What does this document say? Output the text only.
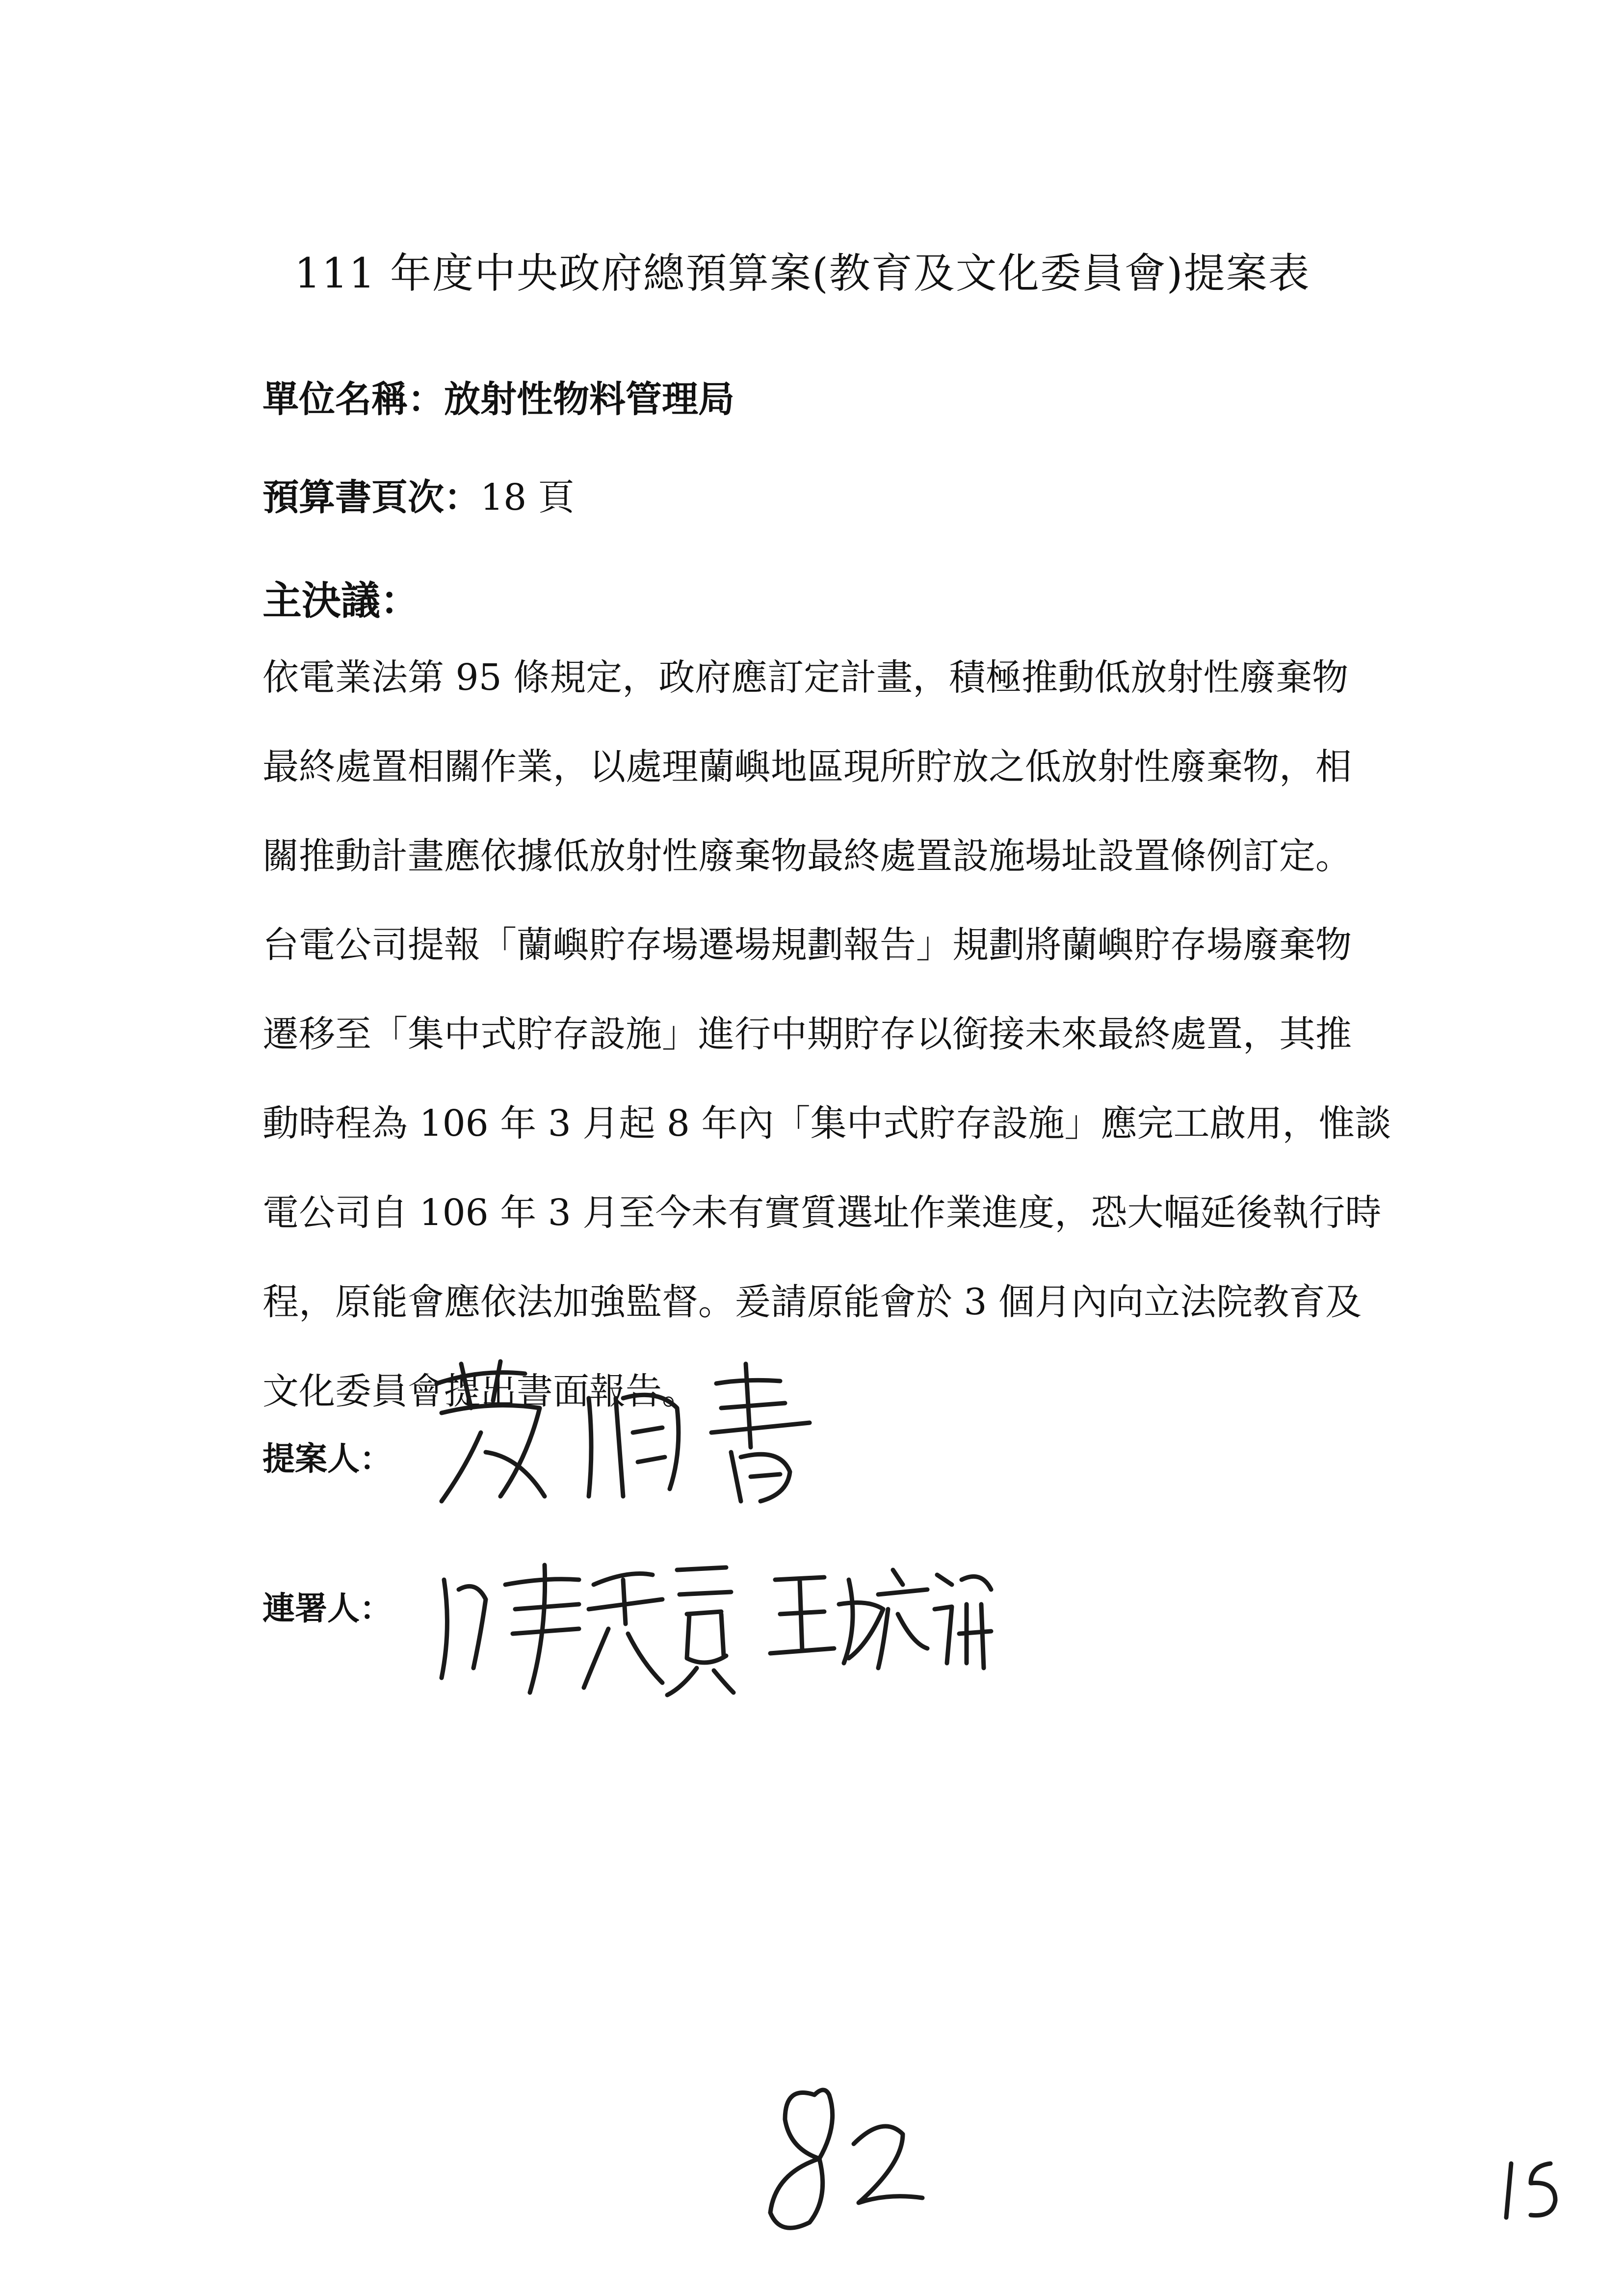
111 年度中央政府總預算案(教育及文化委員會)提案表
單位名稱：放射性物料管理局
預算書頁次：18 頁
主決議：
依電業法第 95 條規定，政府應訂定計畫，積極推動低放射性廢棄物
最終處置相關作業，以處理蘭嶼地區現所貯放之低放射性廢棄物，相
關推動計畫應依據低放射性廢棄物最終處置設施場址設置條例訂定。
台電公司提報「蘭嶼貯存場遷場規劃報告」規劃將蘭嶼貯存場廢棄物
遷移至「集中式貯存設施」進行中期貯存以銜接未來最終處置，其推
動時程為 106 年 3 月起 8 年內「集中式貯存設施」應完工啟用，惟談
電公司自 106 年 3 月至今未有實質選址作業進度，恐大幅延後執行時
程，原能會應依法加強監督。爰請原能會於 3 個月內向立法院教育及
文化委員會提出書面報告。
提案人：
連署人：
